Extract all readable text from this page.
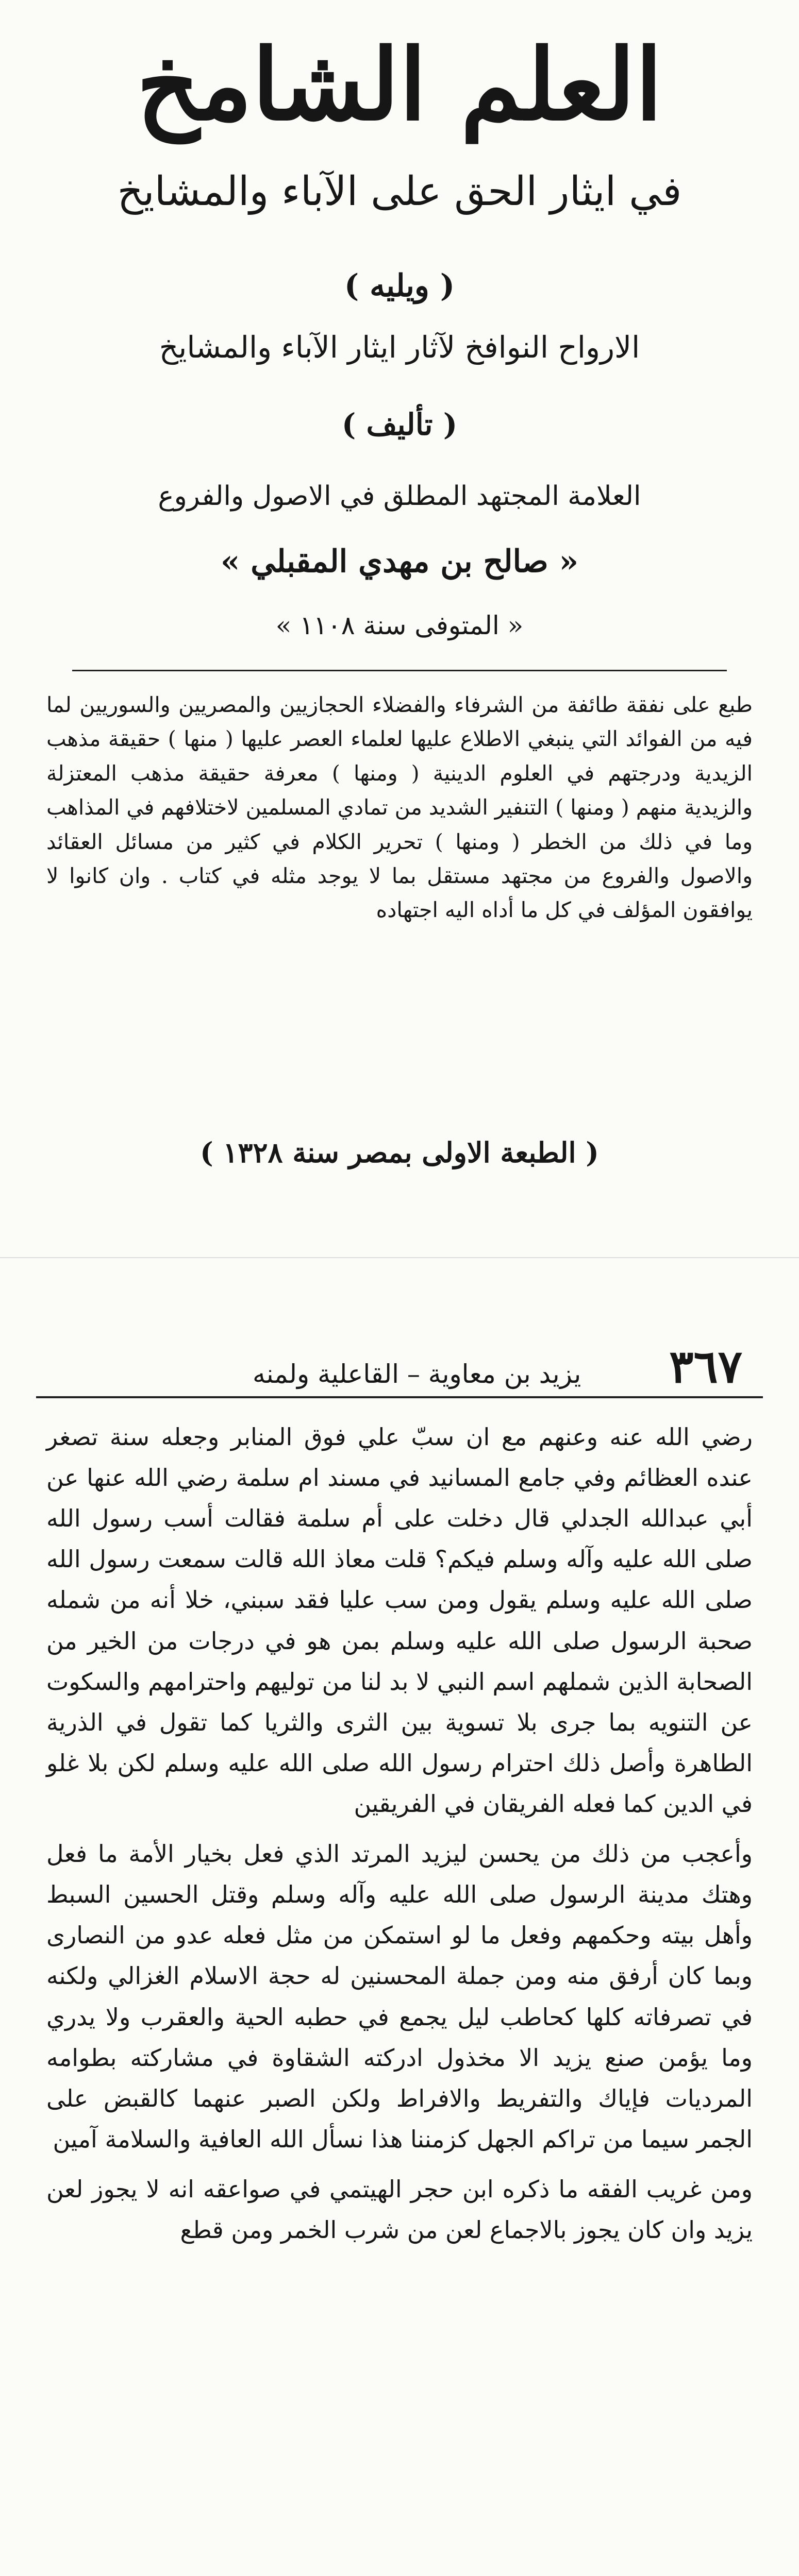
العلم الشامخ
في ايثار الحق على الآباء والمشايخ
( ويليه )
الارواح النوافخ لآثار ايثار الآباء والمشايخ
( تأليف )
العلامة المجتهد المطلق في الاصول والفروع
« صالح بن مهدي المقبلي »
« المتوفى سنة ١١٠٨ »
طبع على نفقة طائفة من الشرفاء والفضلاء الحجازيين والمصريين والسوريين لما فيه من الفوائد التي ينبغي الاطلاع عليها لعلماء العصر عليها ( منها ) حقيقة مذهب الزيدية ودرجتهم في العلوم الدينية ( ومنها ) معرفة حقيقة مذهب المعتزلة والزيدية منهم ( ومنها ) التنفير الشديد من تمادي المسلمين لاختلافهم في المذاهب وما في ذلك من الخطر ( ومنها ) تحرير الكلام في كثير من مسائل العقائد والاصول والفروع من مجتهد مستقل بما لا يوجد مثله في كتاب . وان كانوا لا يوافقون المؤلف في كل ما أداه اليه اجتهاده
( الطبعة الاولى بمصر سنة ١٣٢٨ )
٣٦٧
يزيد بن معاوية – القاعلية ولمنه

رضي الله عنه وعنهم مع ان سبّ علي فوق المنابر وجعله سنة تصغر عنده العظائم وفي جامع المسانيد في مسند ام سلمة رضي الله عنها عن أبي عبدالله الجدلي قال دخلت على أم سلمة فقالت أسب رسول الله صلى الله عليه وآله وسلم فيكم؟ قلت معاذ الله قالت سمعت رسول الله صلى الله عليه وسلم يقول ومن سب عليا فقد سبني، خلا أنه من شمله صحبة الرسول صلى الله عليه وسلم بمن هو في درجات من الخير من الصحابة الذين شملهم اسم النبي لا بد لنا من توليهم واحترامهم والسكوت عن التنويه بما جرى بلا تسوية بين الثرى والثريا كما تقول في الذرية الطاهرة وأصل ذلك احترام رسول الله صلى الله عليه وسلم لكن بلا غلو في الدين كما فعله الفريقان في الفريقين

وأعجب من ذلك من يحسن ليزيد المرتد الذي فعل بخيار الأمة ما فعل وهتك مدينة الرسول صلى الله عليه وآله وسلم وقتل الحسين السبط وأهل بيته وحكمهم وفعل ما لو استمكن من مثل فعله عدو من النصارى وبما كان أرفق منه ومن جملة المحسنين له حجة الاسلام الغزالي ولكنه في تصرفاته كلها كحاطب ليل يجمع في حطبه الحية والعقرب ولا يدري وما يؤمن صنع يزيد الا مخذول ادركته الشقاوة في مشاركته بطوامه المرديات فإياك والتفريط والافراط ولكن الصبر عنهما كالقبض على الجمر سيما من تراكم الجهل كزمننا هذا نسأل الله العافية والسلامة آمين

ومن غريب الفقه ما ذكره ابن حجر الهيتمي في صواعقه انه لا يجوز لعن يزيد وان كان يجوز بالاجماع لعن من شرب الخمر ومن قطع
